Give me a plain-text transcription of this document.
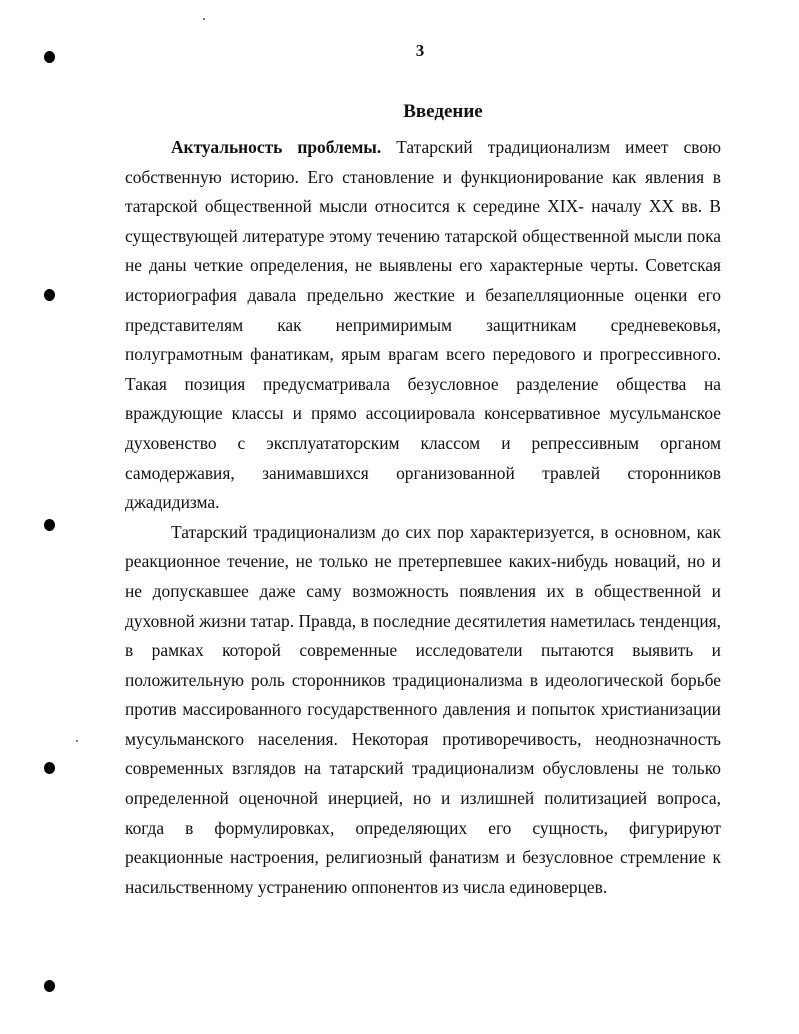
3
Введение

Актуальность проблемы. Татарский традиционализм имеет свою собственную историю. Его становление и функционирование как явления в татарской общественной мысли относится к середине XIX- началу XX вв. В существующей литературе этому течению татарской общественной мысли пока не даны четкие определения, не выявлены его характерные черты. Советская историография давала предельно жесткие и безапелляционные оценки его представителям как непримиримым защитникам средневековья, полуграмотным фанатикам, ярым врагам всего передового и прогрессивного. Такая позиция предусматривала безусловное разделение общества на враждующие классы и прямо ассоциировала консервативное мусульманское духовенство с эксплуататорским классом и репрессивным органом самодержавия, занимавшихся организованной травлей сторонников джадидизма.

Татарский традиционализм до сих пор характеризуется, в основном, как реакционное течение, не только не претерпевшее каких-нибудь новаций, но и не допускавшее даже саму возможность появления их в общественной и духовной жизни татар. Правда, в последние десятилетия наметилась тенденция, в рамках которой современные исследователи пытаются выявить и положительную роль сторонников традиционализма в идеологической борьбе против массированного государственного давления и попыток христианизации мусульманского населения. Некоторая противоречивость, неоднозначность современных взглядов на татарский традиционализм обусловлены не только определенной оценочной инерцией, но и излишней политизацией вопроса, когда в формулировках, определяющих его сущность, фигурируют реакционные настроения, религиозный фанатизм и безусловное стремление к насильственному устранению оппонентов из числа единоверцев.
